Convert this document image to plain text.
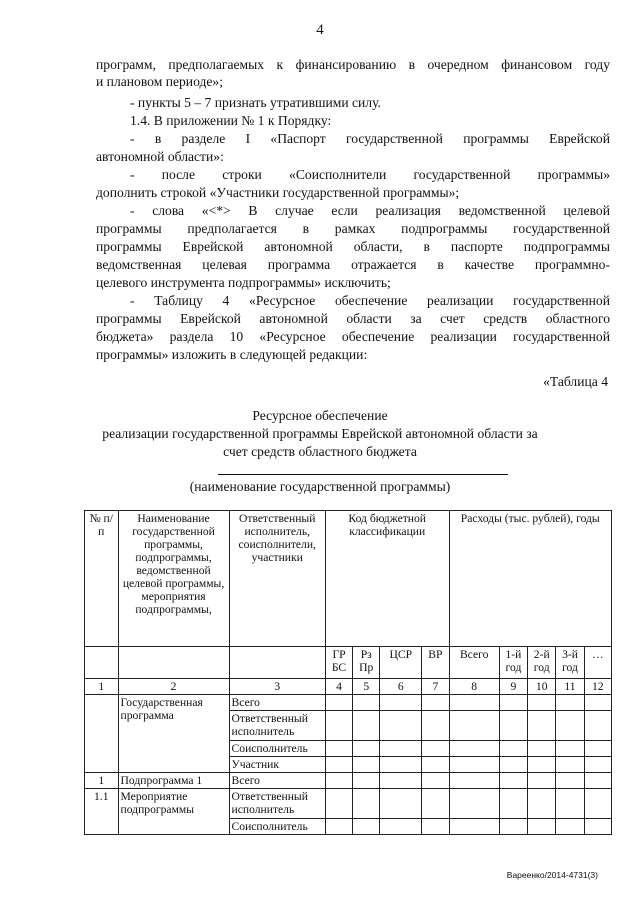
4
программ, предполагаемых к финансированию в очередном финансовом году
и плановом периоде»;
- пункты 5 – 7 признать утратившими силу.
1.4. В приложении № 1 к Порядку:
- в разделе I «Паспорт государственной программы Еврейской
автономной области»:
- после строки «Соисполнители государственной программы»
дополнить строкой «Участники государственной программы»;
- слова «<*> В случае если реализация ведомственной целевой
программы предполагается в рамках подпрограммы государственной
программы Еврейской автономной области, в паспорте подпрограммы
ведомственная целевая программа отражается в качестве программно-
целевого инструмента подпрограммы» исключить;
- Таблицу 4 «Ресурсное обеспечение реализации государственной
программы Еврейской автономной области за счет средств областного
бюджета» раздела 10 «Ресурсное обеспечение реализации государственной
программы» изложить в следующей редакции:
«Таблица 4
Ресурсное обеспечение
реализации государственной программы Еврейской автономной области за
счет средств областного бюджета
(наименование государственной программы)
№ п/п	Наименование государственной программы, подпрограммы, ведомственной целевой программы, мероприятия подпрограммы,	Ответственный исполнитель, соисполнители, участники	Код бюджетной классификации				Расходы (тыс. рублей), годы				
			ГР БС	Рз Пр	ЦСР	ВР	Всего	1-й год	2-й год	3-й год	…
1	2	3	4	5	6	7	8	9	10	11	12
	Государственная программа	Всего									
		Ответственный исполнитель									
		Соисполнитель									
		Участник									
1	Подпрограмма 1	Всего									
1.1	Мероприятие подпрограммы	Ответственный исполнитель									
		Соисполнитель									
Вареенко/2014-4731(3)
